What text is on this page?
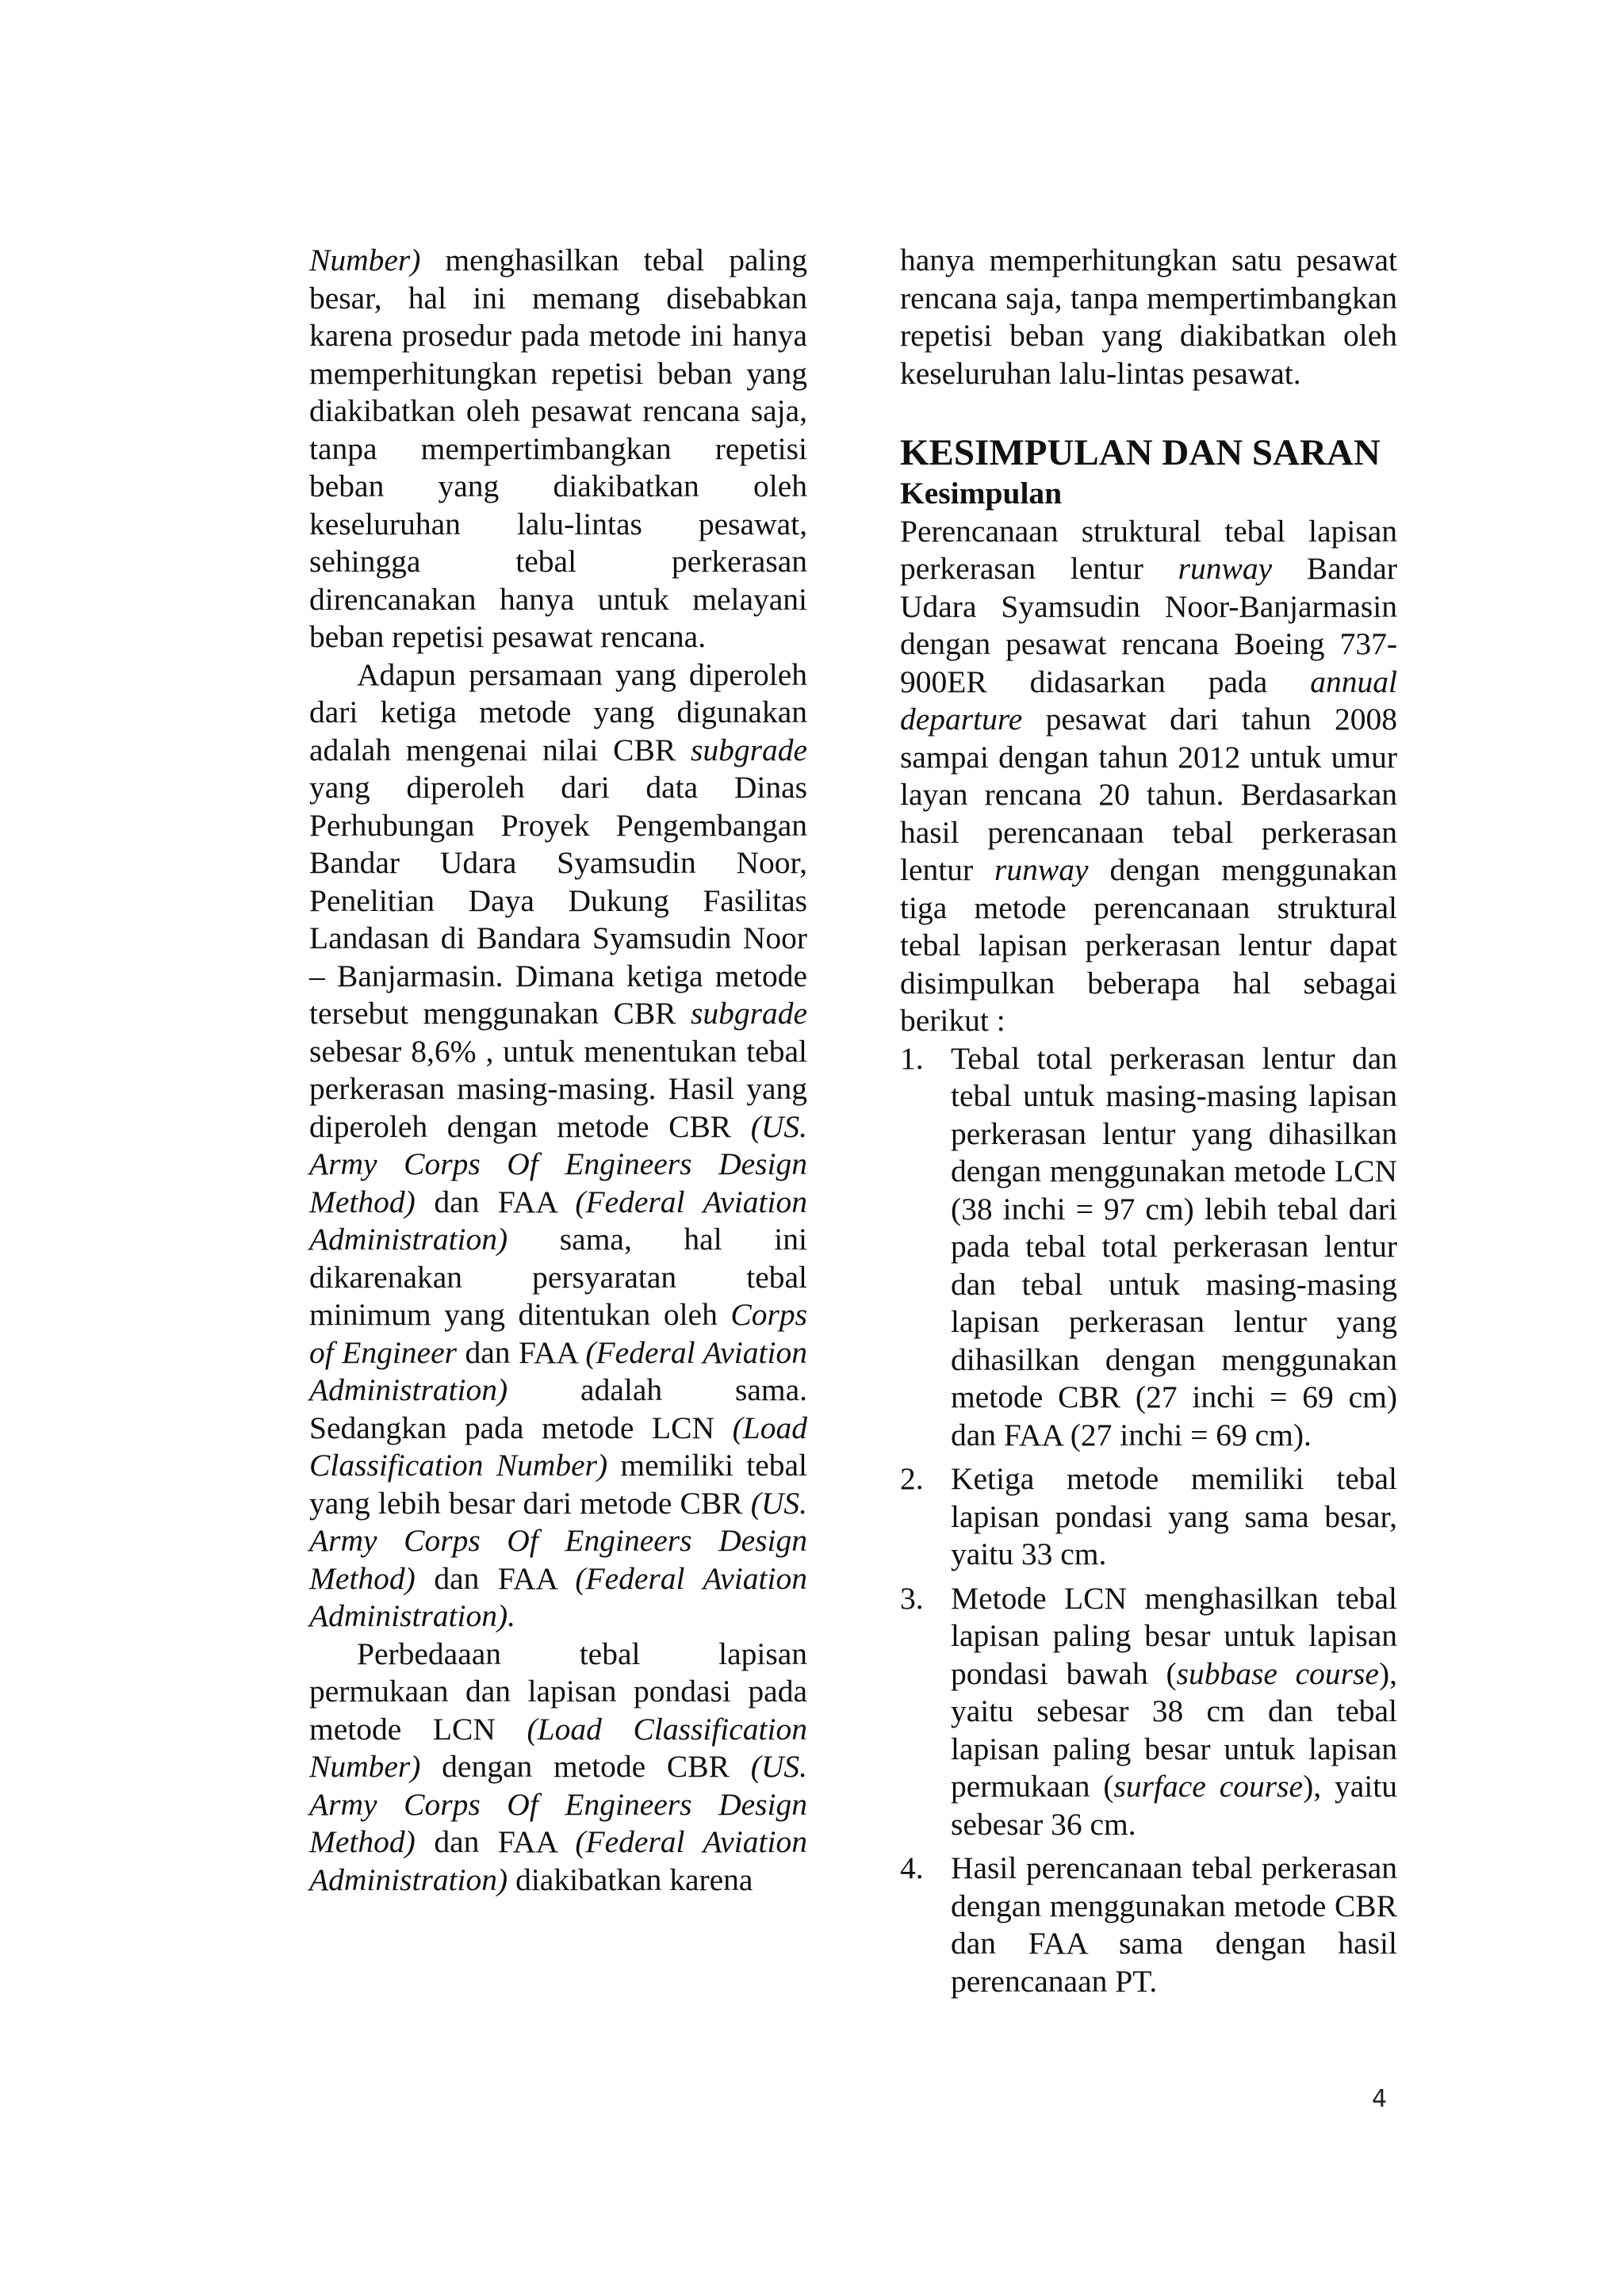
Number) menghasilkan tebal paling besar, hal ini memang disebabkan karena prosedur pada metode ini hanya memperhitungkan repetisi beban yang diakibatkan oleh pesawat rencana saja, tanpa mempertimbangkan repetisi beban yang diakibatkan oleh keseluruhan lalu-lintas pesawat, sehingga tebal perkerasan direncanakan hanya untuk melayani beban repetisi pesawat rencana.

Adapun persamaan yang diperoleh dari ketiga metode yang digunakan adalah mengenai nilai CBR subgrade yang diperoleh dari data Dinas Perhubungan Proyek Pengembangan Bandar Udara Syamsudin Noor, Penelitian Daya Dukung Fasilitas Landasan di Bandara Syamsudin Noor – Banjarmasin. Dimana ketiga metode tersebut menggunakan CBR subgrade sebesar 8,6% , untuk menentukan tebal perkerasan masing-masing. Hasil yang diperoleh dengan metode CBR (US. Army Corps Of Engineers Design Method) dan FAA (Federal Aviation Administration) sama, hal ini dikarenakan persyaratan tebal minimum yang ditentukan oleh Corps of Engineer dan FAA (Federal Aviation Administration) adalah sama. Sedangkan pada metode LCN (Load Classification Number) memiliki tebal yang lebih besar dari metode CBR (US. Army Corps Of Engineers Design Method) dan FAA (Federal Aviation Administration).

Perbedaaan tebal lapisan permukaan dan lapisan pondasi pada metode LCN (Load Classification Number) dengan metode CBR (US. Army Corps Of Engineers Design Method) dan FAA (Federal Aviation Administration) diakibatkan karena

hanya memperhitungkan satu pesawat rencana saja, tanpa mempertimbangkan repetisi beban yang diakibatkan oleh keseluruhan lalu-lintas pesawat.

KESIMPULAN DAN SARAN
Kesimpulan

Perencanaan struktural tebal lapisan perkerasan lentur runway Bandar Udara Syamsudin Noor-Banjarmasin dengan pesawat rencana Boeing 737-900ER didasarkan pada annual departure pesawat dari tahun 2008 sampai dengan tahun 2012 untuk umur layan rencana 20 tahun. Berdasarkan hasil perencanaan tebal perkerasan lentur runway dengan menggunakan tiga metode perencanaan struktural tebal lapisan perkerasan lentur dapat disimpulkan beberapa hal sebagai berikut :

1. Tebal total perkerasan lentur dan tebal untuk masing-masing lapisan perkerasan lentur yang dihasilkan dengan menggunakan metode LCN (38 inchi = 97 cm) lebih tebal dari pada tebal total perkerasan lentur dan tebal untuk masing-masing lapisan perkerasan lentur yang dihasilkan dengan menggunakan metode CBR (27 inchi = 69 cm) dan FAA (27 inchi = 69 cm).
2. Ketiga metode memiliki tebal lapisan pondasi yang sama besar, yaitu 33 cm.
3. Metode LCN menghasilkan tebal lapisan paling besar untuk lapisan pondasi bawah (subbase course), yaitu sebesar 38 cm dan tebal lapisan paling besar untuk lapisan permukaan (surface course), yaitu sebesar 36 cm.
4. Hasil perencanaan tebal perkerasan dengan menggunakan metode CBR dan FAA sama dengan hasil perencanaan PT.
4
